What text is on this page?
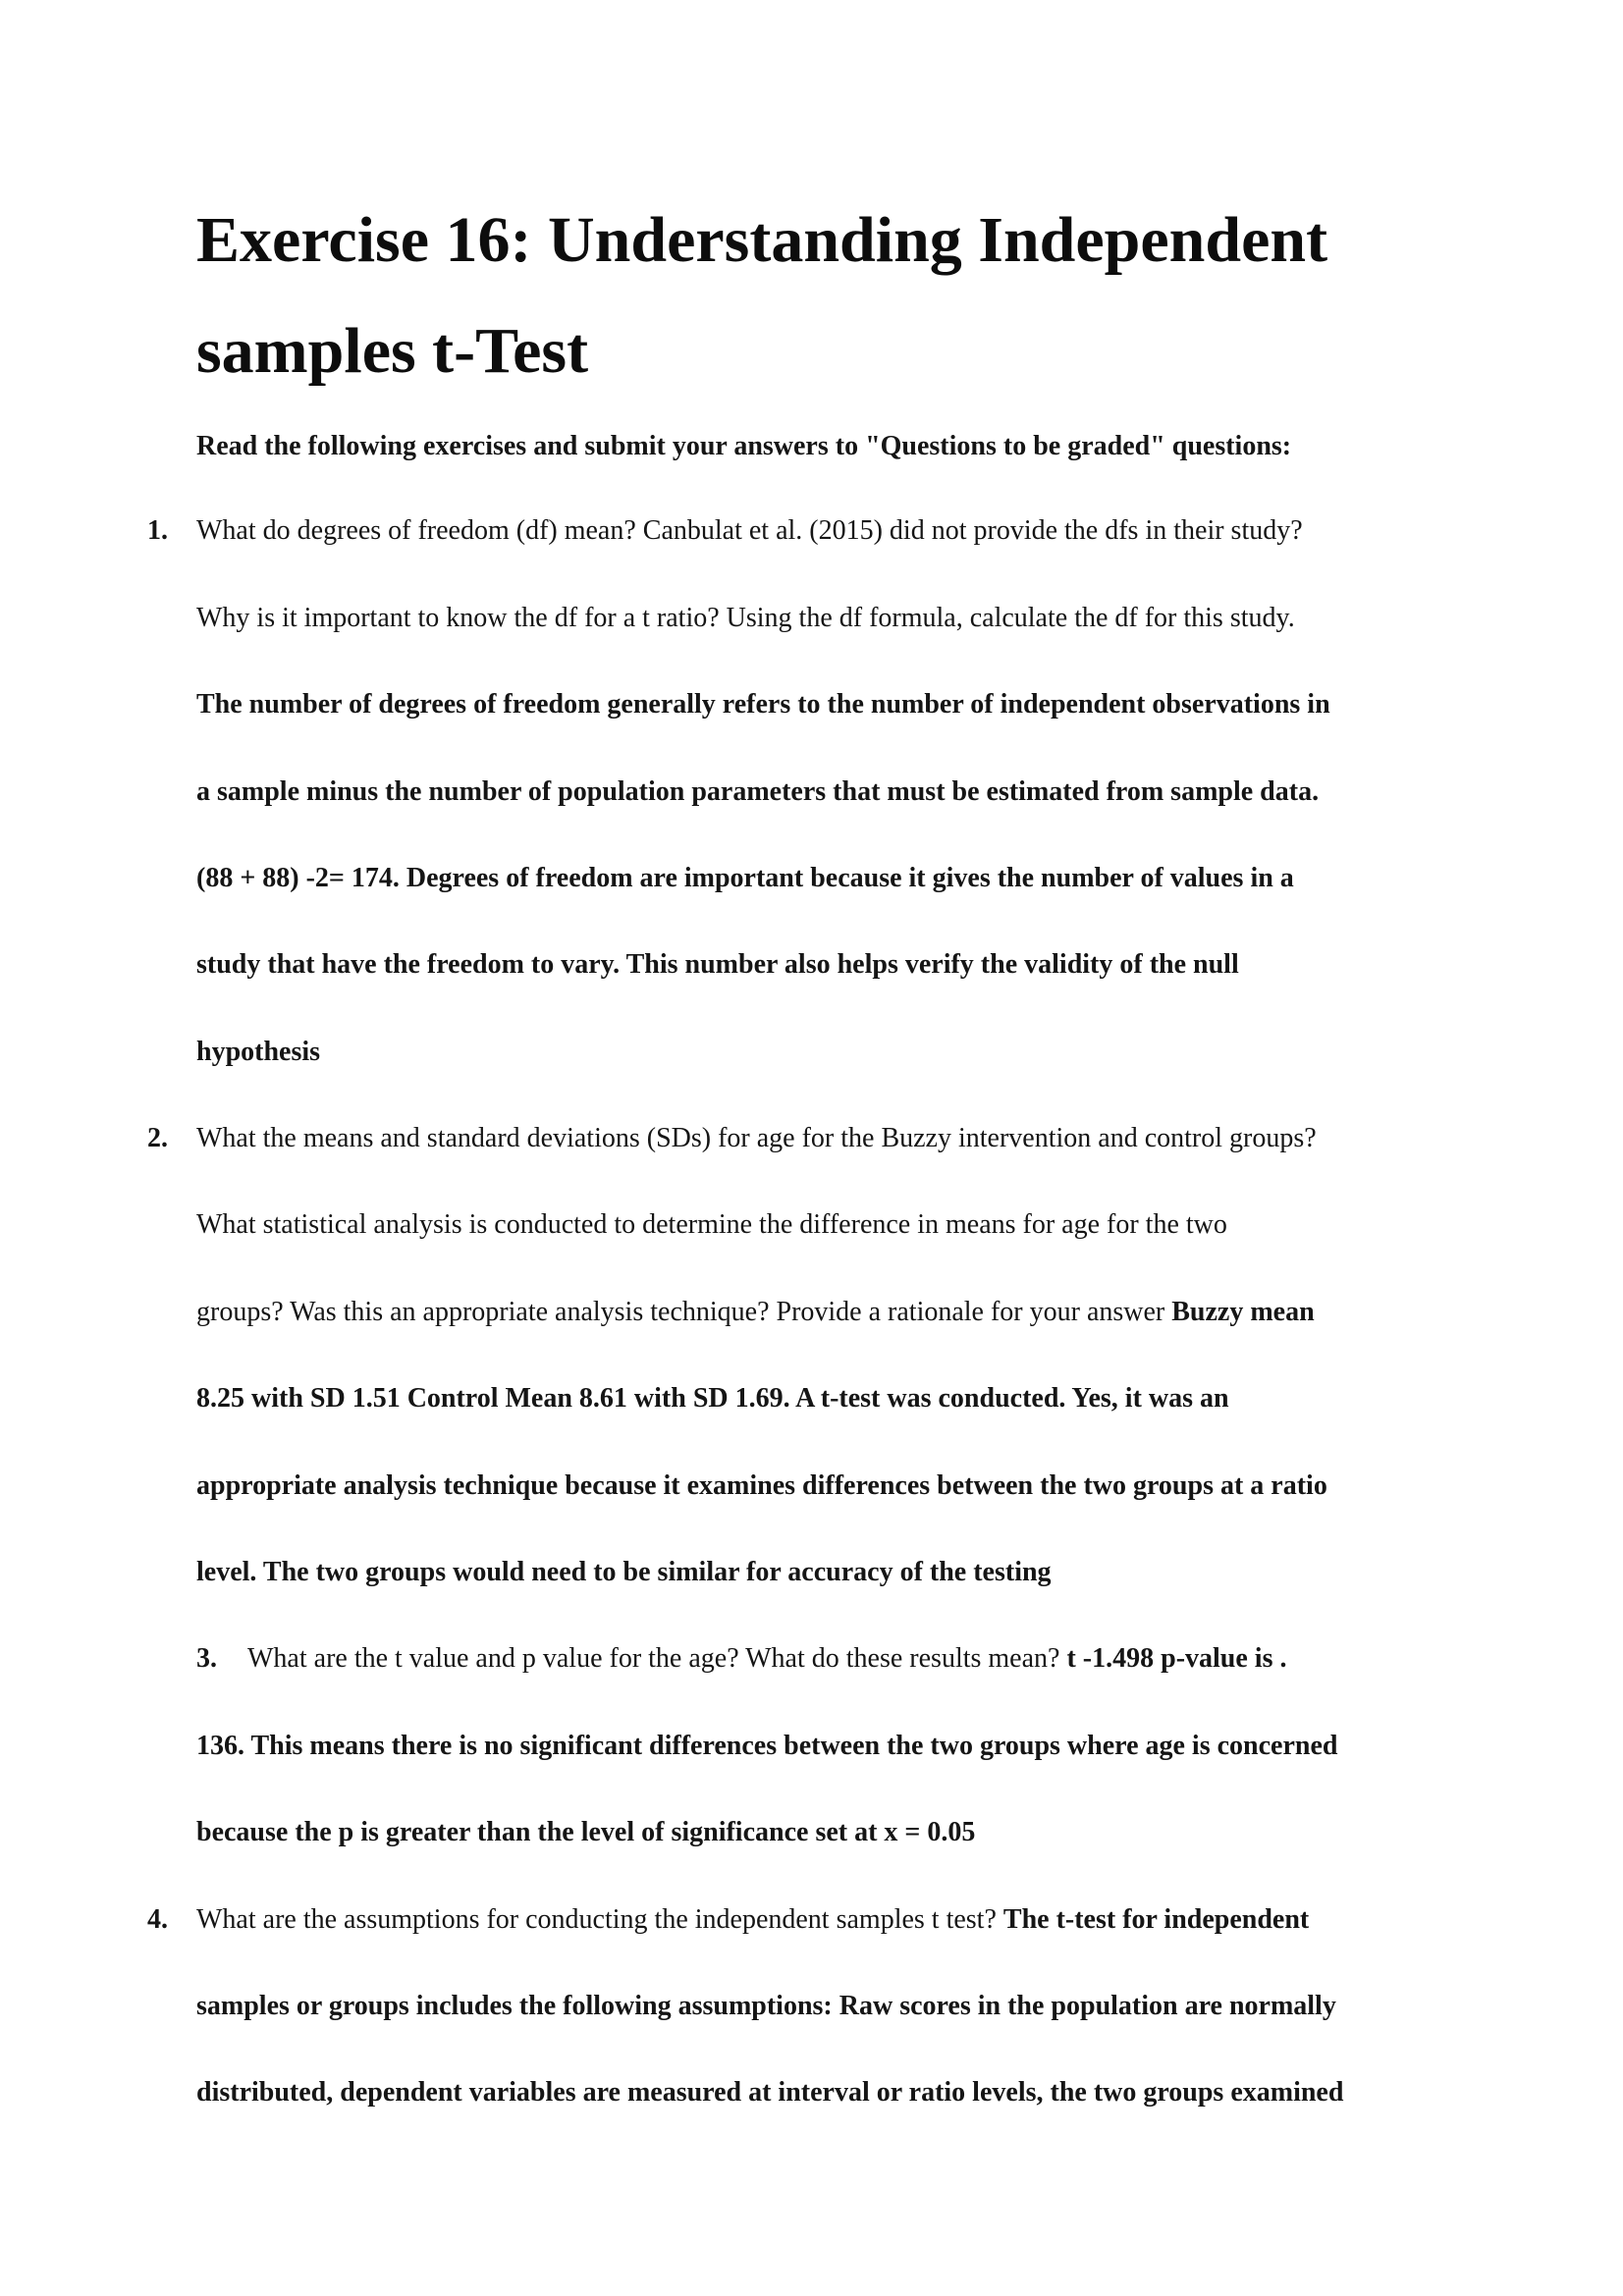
Exercise 16: Understanding Independent
samples t-Test
Read the following exercises and submit your answers to "Questions to be graded" questions:
1. What do degrees of freedom (df) mean? Canbulat et al. (2015) did not provide the dfs in their study?
Why is it important to know the df for a t ratio? Using the df formula, calculate the df for this study.
The number of degrees of freedom generally refers to the number of independent observations in
a sample minus the number of population parameters that must be estimated from sample data.
(88 + 88) -2= 174. Degrees of freedom are important because it gives the number of values in a
study that have the freedom to vary. This number also helps verify the validity of the null
hypothesis
2. What the means and standard deviations (SDs) for age for the Buzzy intervention and control groups?
What statistical analysis is conducted to determine the difference in means for age for the two
groups? Was this an appropriate analysis technique? Provide a rationale for your answer Buzzy mean
8.25 with SD 1.51 Control Mean 8.61 with SD 1.69. A t-test was conducted. Yes, it was an
appropriate analysis technique because it examines differences between the two groups at a ratio
level. The two groups would need to be similar for accuracy of the testing
3. What are the t value and p value for the age? What do these results mean? t -1.498 p-value is .
136. This means there is no significant differences between the two groups where age is concerned
because the p is greater than the level of significance set at x = 0.05
4. What are the assumptions for conducting the independent samples t test? The t-test for independent
samples or groups includes the following assumptions: Raw scores in the population are normally
distributed, dependent variables are measured at interval or ratio levels, the two groups examined
